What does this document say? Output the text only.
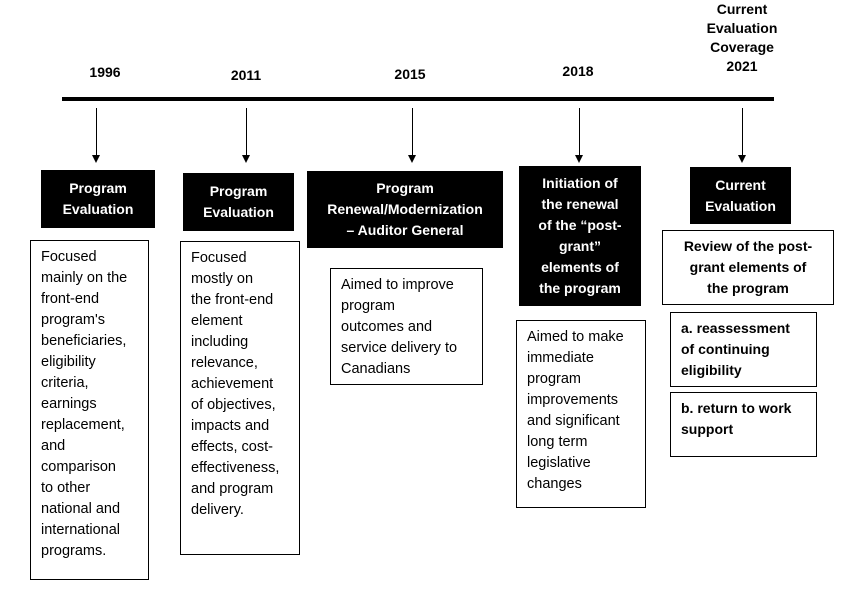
Current
Evaluation
Coverage
2021
1996	2011	2015	2018
Program
Evaluation
Program
Evaluation
Program
Renewal/Modernization
– Auditor General
Initiation of
the renewal
of the “post-
grant”
elements of
the program
Current
Evaluation
Focused
mainly on the
front-end
program's
beneficiaries,
eligibility
criteria,
earnings
replacement,
and
comparison
to other
national and
international
programs.
Focused
mostly on
the front-end
element
including
relevance,
achievement
of objectives,
impacts and
effects, cost-
effectiveness,
and program
delivery.
Aimed to improve
program
outcomes and
service delivery to
Canadians
Aimed to make
immediate
program
improvements
and significant
long term
legislative
changes
Review of the post-
grant elements of
the program
a. reassessment
of continuing
eligibility
b. return to work
support
